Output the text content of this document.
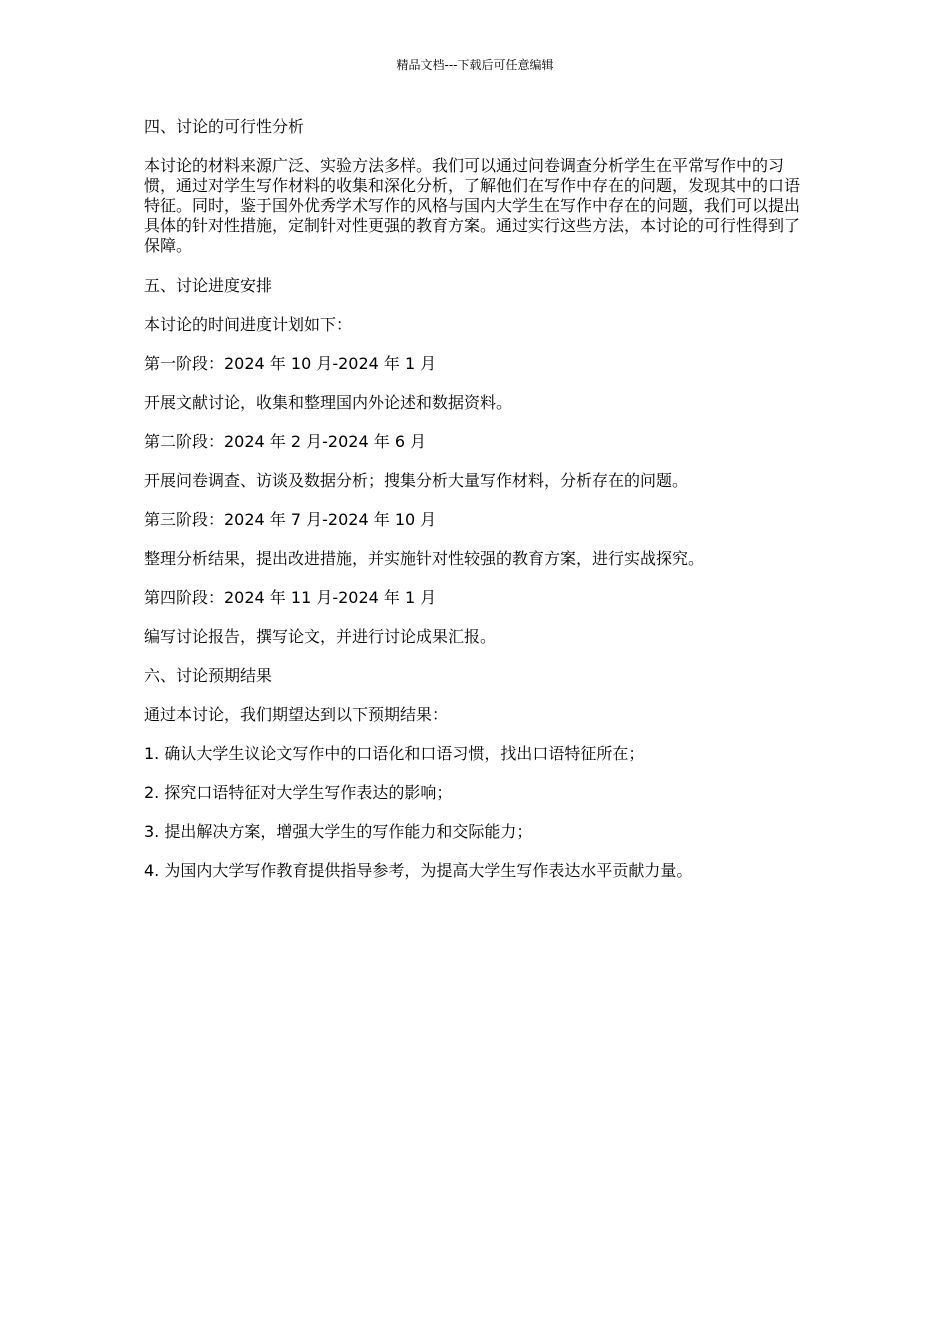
精品文档---下载后可任意编辑

四、讨论的可行性分析

本讨论的材料来源广泛、实验方法多样。我们可以通过问卷调查分析学生在平常写作中的习惯，通过对学生写作材料的收集和深化分析，了解他们在写作中存在的问题，发现其中的口语特征。同时，鉴于国外优秀学术写作的风格与国内大学生在写作中存在的问题，我们可以提出具体的针对性措施，定制针对性更强的教育方案。通过实行这些方法，本讨论的可行性得到了保障。

五、讨论进度安排

本讨论的时间进度计划如下：

第一阶段：2024 年 10 月-2024 年 1 月

开展文献讨论，收集和整理国内外论述和数据资料。

第二阶段：2024 年 2 月-2024 年 6 月

开展问卷调查、访谈及数据分析；搜集分析大量写作材料，分析存在的问题。

第三阶段：2024 年 7 月-2024 年 10 月

整理分析结果，提出改进措施，并实施针对性较强的教育方案，进行实战探究。

第四阶段：2024 年 11 月-2024 年 1 月

编写讨论报告，撰写论文，并进行讨论成果汇报。

六、讨论预期结果

通过本讨论，我们期望达到以下预期结果：

1. 确认大学生议论文写作中的口语化和口语习惯，找出口语特征所在；

2. 探究口语特征对大学生写作表达的影响；

3. 提出解决方案，增强大学生的写作能力和交际能力；

4. 为国内大学写作教育提供指导参考，为提高大学生写作表达水平贡献力量。
